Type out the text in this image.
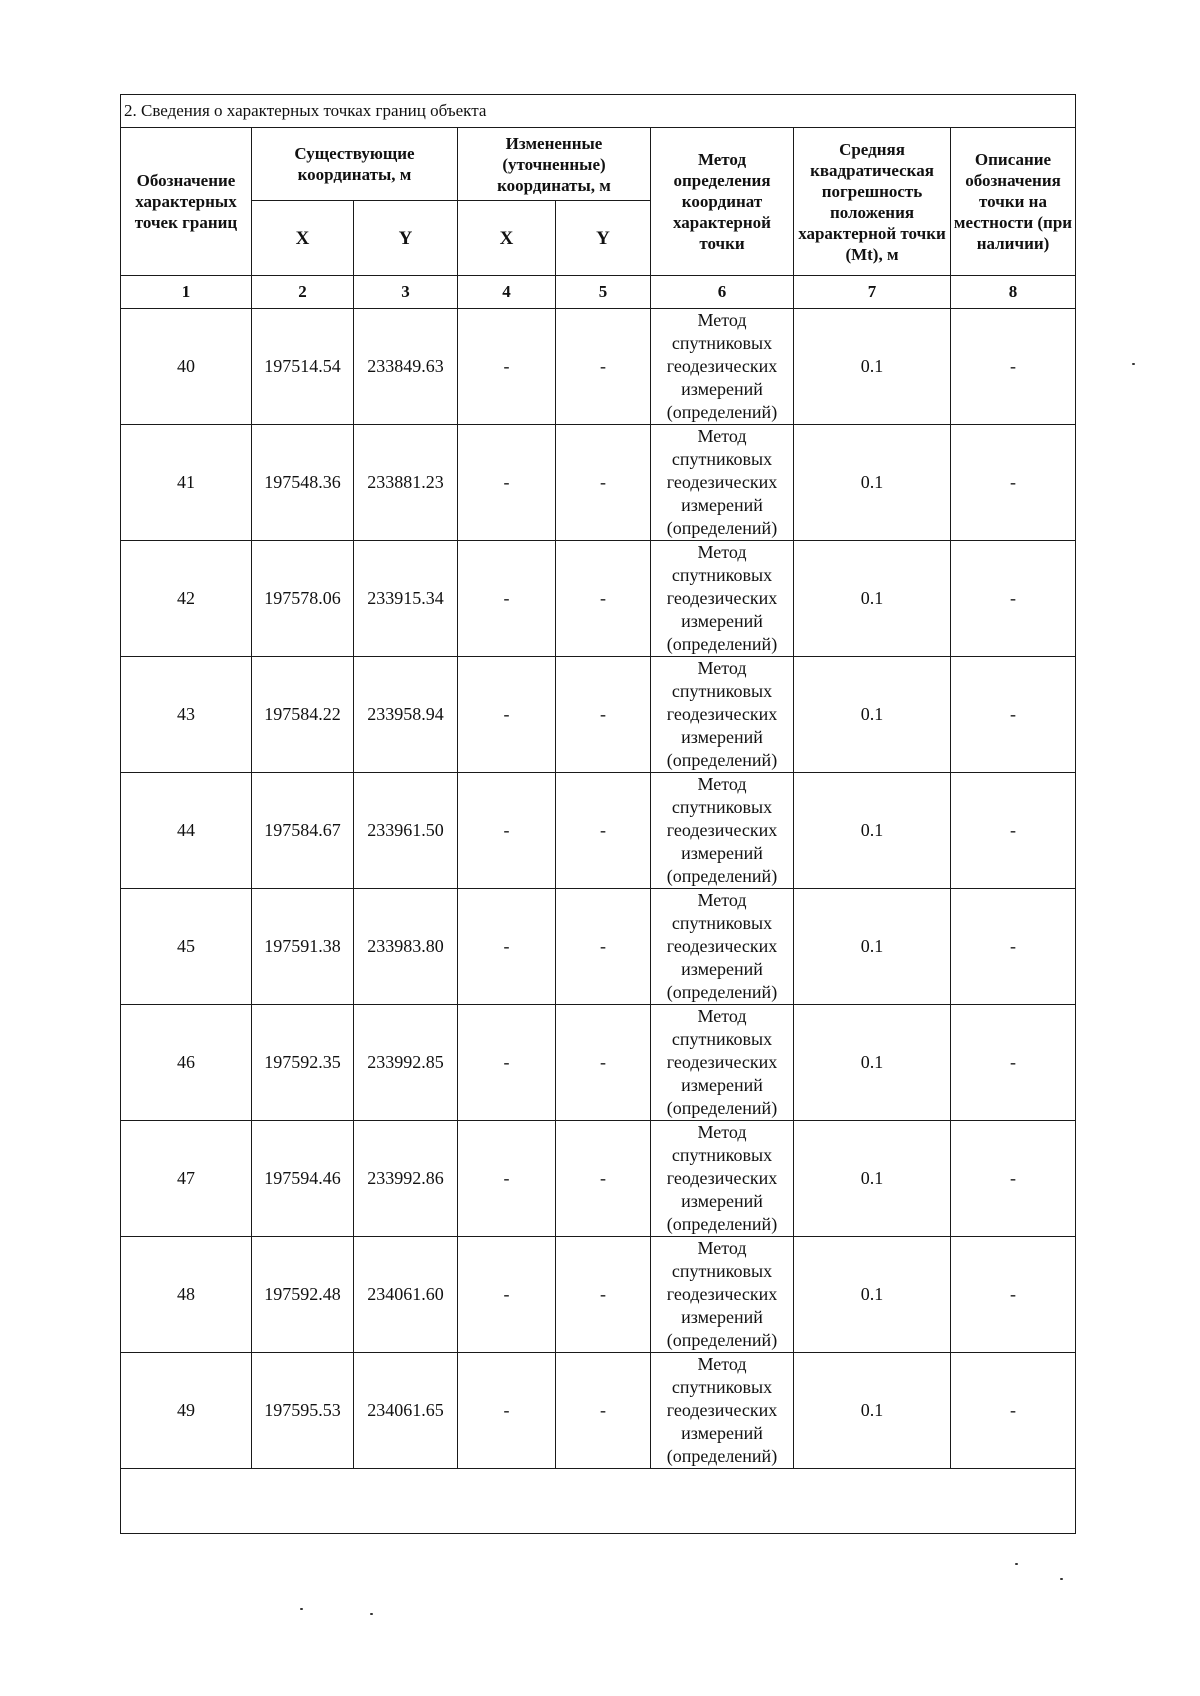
2. Сведения о характерных точках границ объекта							
Обозначение характерных точек границ	Существующие координаты, м		Измененные (уточненные) координаты, м		Метод определения координат характерной точки	Средняя квадратическая погрешность положения характерной точки (Mt), м	Описание обозначения точки на местности (при наличии)
	X	Y	X	Y			
1	2	3	4	5	6	7	8
40	197514.54	233849.63	-	-	Метод спутниковых геодезических измерений (определений)	0.1	-
41	197548.36	233881.23	-	-	Метод спутниковых геодезических измерений (определений)	0.1	-
42	197578.06	233915.34	-	-	Метод спутниковых геодезических измерений (определений)	0.1	-
43	197584.22	233958.94	-	-	Метод спутниковых геодезических измерений (определений)	0.1	-
44	197584.67	233961.50	-	-	Метод спутниковых геодезических измерений (определений)	0.1	-
45	197591.38	233983.80	-	-	Метод спутниковых геодезических измерений (определений)	0.1	-
46	197592.35	233992.85	-	-	Метод спутниковых геодезических измерений (определений)	0.1	-
47	197594.46	233992.86	-	-	Метод спутниковых геодезических измерений (определений)	0.1	-
48	197592.48	234061.60	-	-	Метод спутниковых геодезических измерений (определений)	0.1	-
49	197595.53	234061.65	-	-	Метод спутниковых геодезических измерений (определений)	0.1	-
